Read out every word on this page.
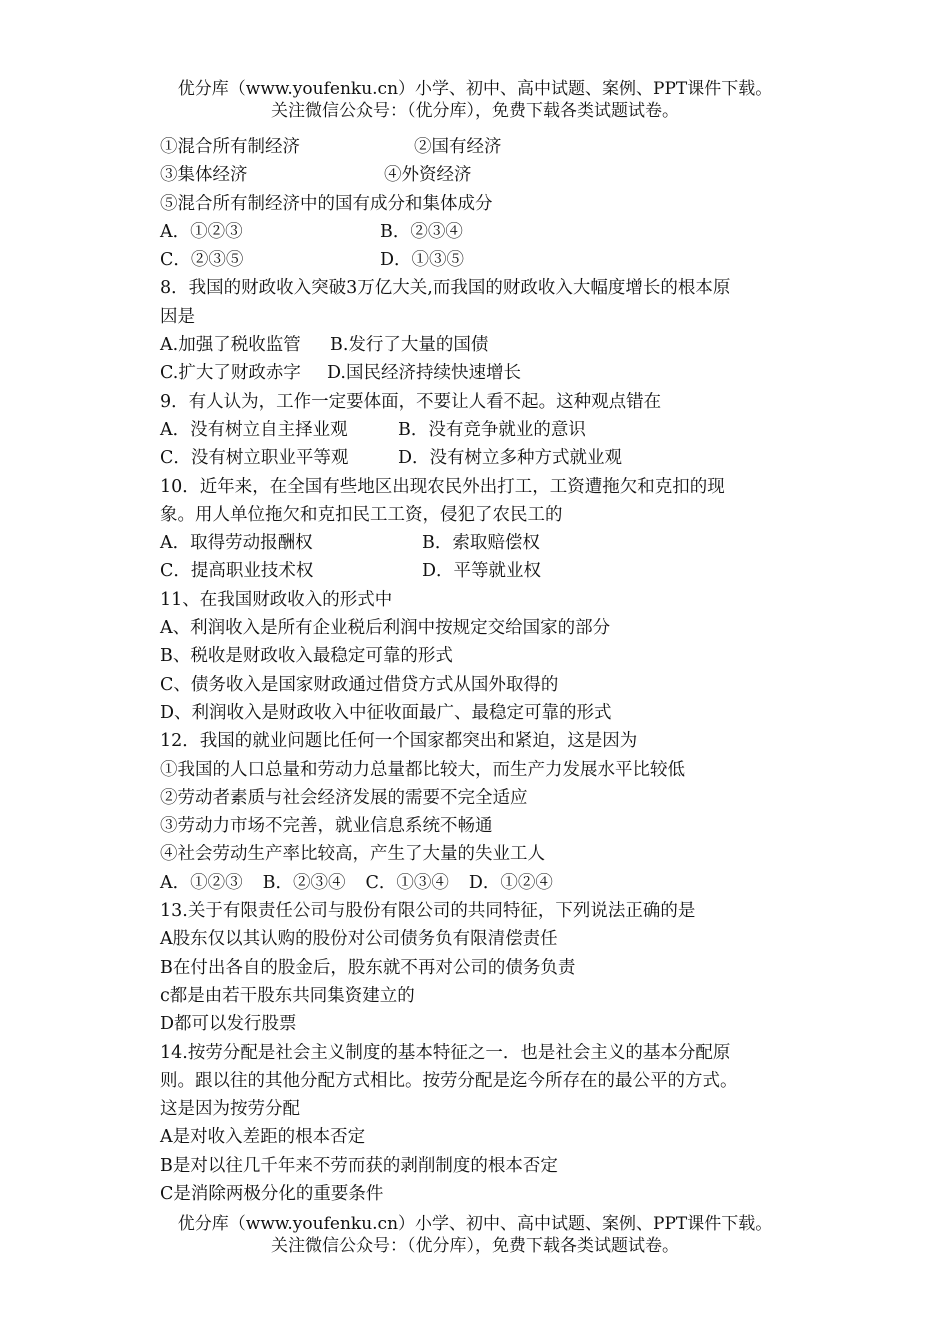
优分库（www.youfenku.cn）小学、初中、高中试题、案例、PPT课件下载。
关注微信公众号：（优分库），免费下载各类试题试卷。
①混合所有制经济	②国有经济
③集体经济	④外资经济
⑤混合所有制经济中的国有成分和集体成分
A．①②③	B．②③④
C．②③⑤	D．①③⑤
8．我国的财政收入突破3万亿大关,而我国的财政收入大幅度增长的根本原
因是
A.加强了税收监管 B.发行了大量的国债
C.扩大了财政赤字 D.国民经济持续快速增长
9．有人认为，工作一定要体面，不要让人看不起。这种观点错在
A．没有树立自主择业观	B．没有竞争就业的意识
C．没有树立职业平等观	D．没有树立多种方式就业观
10．近年来，在全国有些地区出现农民外出打工，工资遭拖欠和克扣的现
象。用人单位拖欠和克扣民工工资，侵犯了农民工的
A．取得劳动报酬权	B．索取赔偿权
C．提高职业技术权	D．平等就业权
11、在我国财政收入的形式中
A、利润收入是所有企业税后利润中按规定交给国家的部分
B、税收是财政收入最稳定可靠的形式
C、债务收入是国家财政通过借贷方式从国外取得的
D、利润收入是财政收入中征收面最广、最稳定可靠的形式
12．我国的就业问题比任何一个国家都突出和紧迫，这是因为
①我国的人口总量和劳动力总量都比较大，而生产力发展水平比较低
②劳动者素质与社会经济发展的需要不完全适应
③劳动力市场不完善，就业信息系统不畅通
④社会劳动生产率比较高，产生了大量的失业工人
A．①②③ B．②③④ C．①③④ D．①②④
13.关于有限责任公司与股份有限公司的共同特征，下列说法正确的是
A股东仅以其认购的股份对公司债务负有限清偿责任
B在付出各自的股金后，股东就不再对公司的债务负责
c都是由若干股东共同集资建立的
D都可以发行股票
14.按劳分配是社会主义制度的基本特征之一．也是社会主义的基本分配原
则。跟以往的其他分配方式相比。按劳分配是迄今所存在的最公平的方式。
这是因为按劳分配
A是对收入差距的根本否定
B是对以往几千年来不劳而获的剥削制度的根本否定
C是消除两极分化的重要条件
优分库（www.youfenku.cn）小学、初中、高中试题、案例、PPT课件下载。
关注微信公众号：（优分库），免费下载各类试题试卷。
